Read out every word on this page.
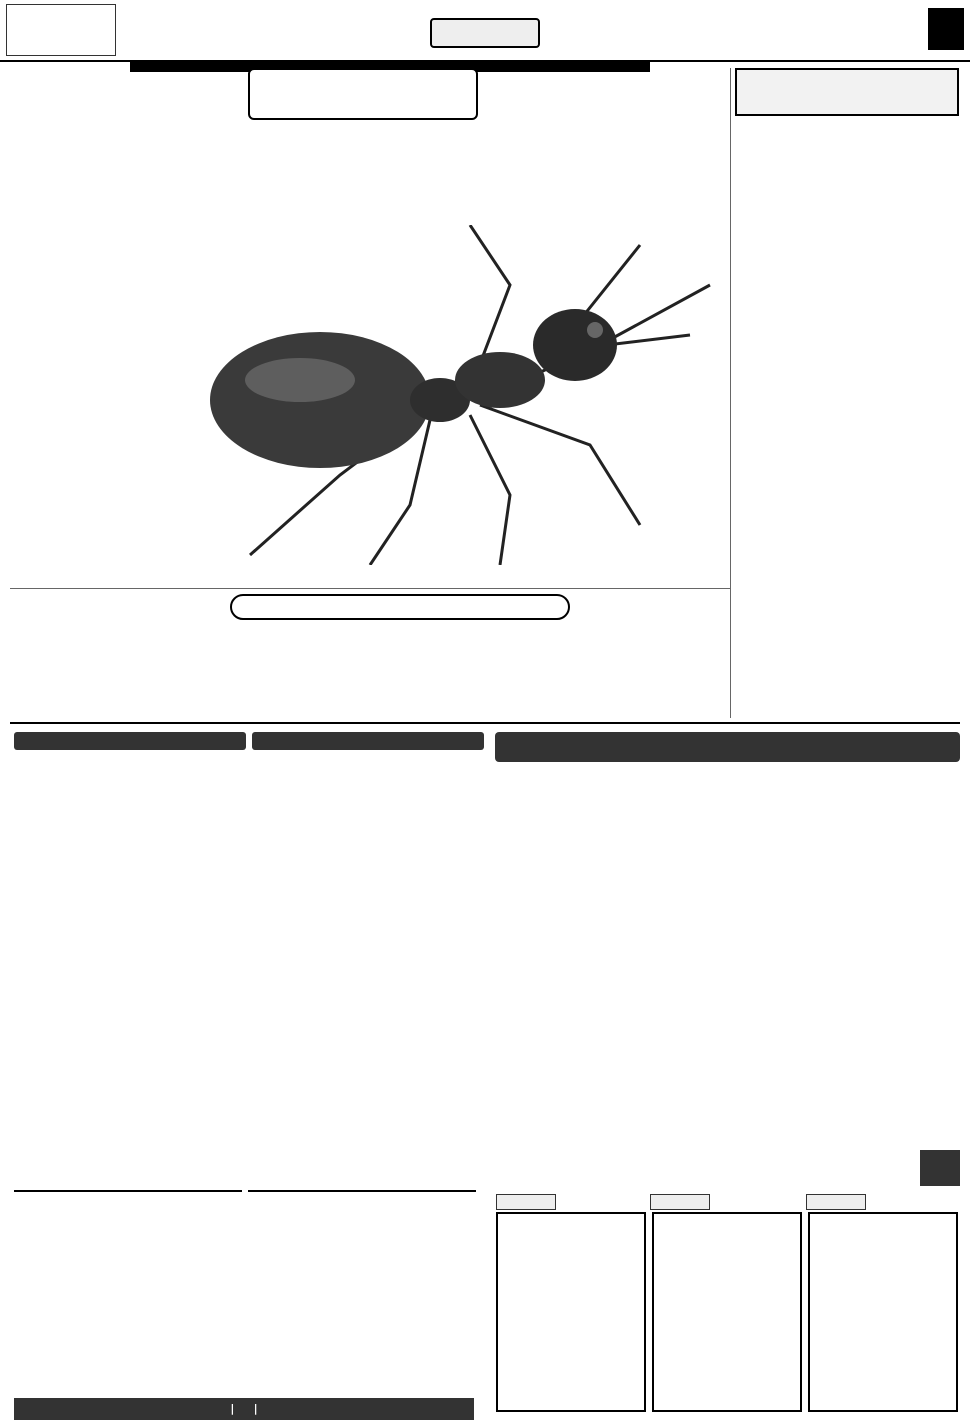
|     |
